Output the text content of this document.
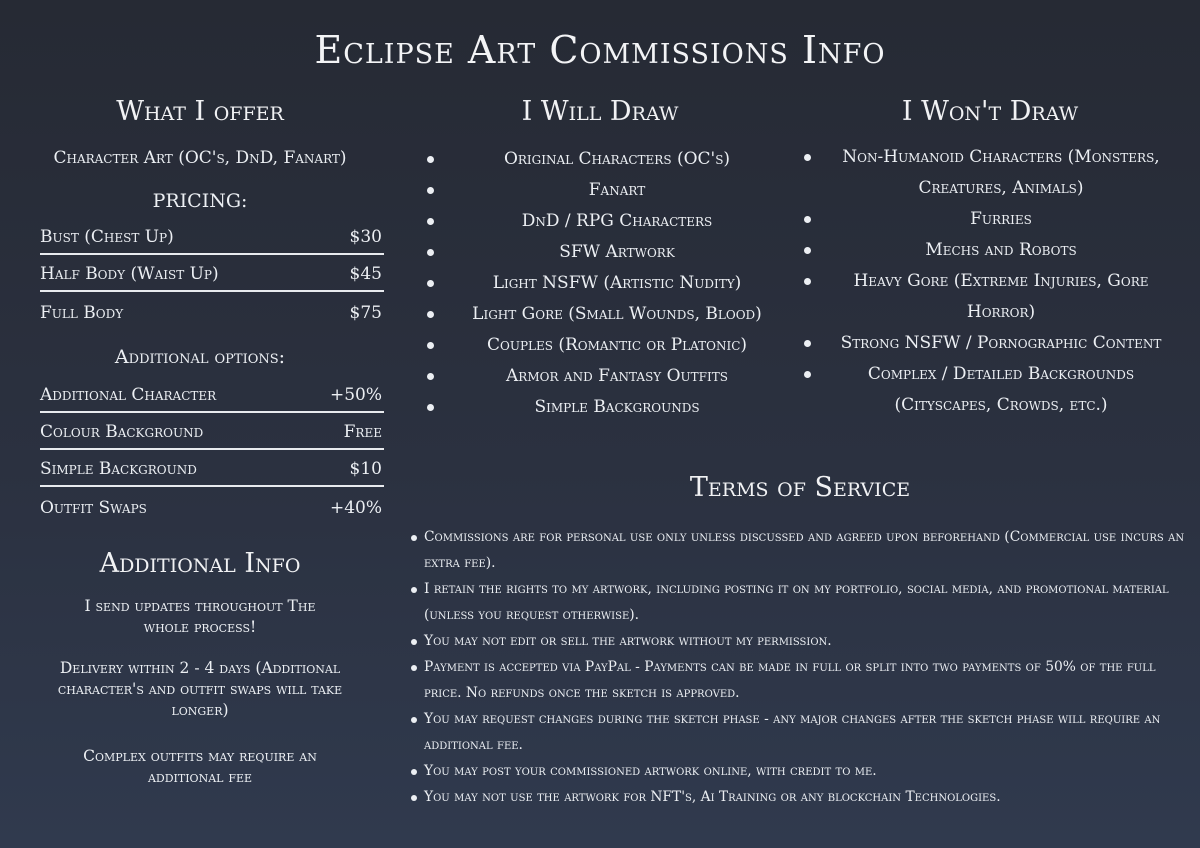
Eclipse Art Commissions Info
What I offer
Character Art (OC's, DnD, Fanart)
PRICING:
Bust (Chest Up)	$30
Half Body (Waist Up)	$45
Full Body	$75
Additional options:
Additional Character	+50%
Colour Background	Free
Simple Background	$10
Outfit Swaps	+40%
Additional Info
I send updates throughout The whole process!
Delivery within 2 - 4 days (Additional character's and outfit swaps will take longer)
Complex outfits may require an additional fee
I Will Draw
Original Characters (OC's)
Fanart
DnD / RPG Characters
SFW Artwork
Light NSFW (Artistic Nudity)
Light Gore (Small Wounds, Blood)
Couples (Romantic or Platonic)
Armor and Fantasy Outfits
Simple Backgrounds
I Won't Draw
Non-Humanoid Characters (Monsters, Creatures, Animals)
Furries
Mechs and Robots
Heavy Gore (Extreme Injuries, Gore Horror)
Strong NSFW / Pornographic Content
Complex / Detailed Backgrounds (Cityscapes, Crowds, etc.)
Terms of Service
Commissions are for personal use only unless discussed and agreed upon beforehand (Commercial use incurs an extra fee).
I retain the rights to my artwork, including posting it on my portfolio, social media, and promotional material (unless you request otherwise).
You may not edit or sell the artwork without my permission.
Payment is accepted via PayPal - Payments can be made in full or split into two payments of 50% of the full price. No refunds once the sketch is approved.
You may request changes during the sketch phase - any major changes after the sketch phase will require an additional fee.
You may post your commissioned artwork online, with credit to me.
You may not use the artwork for NFT's, Ai Training or any blockchain Technologies.
